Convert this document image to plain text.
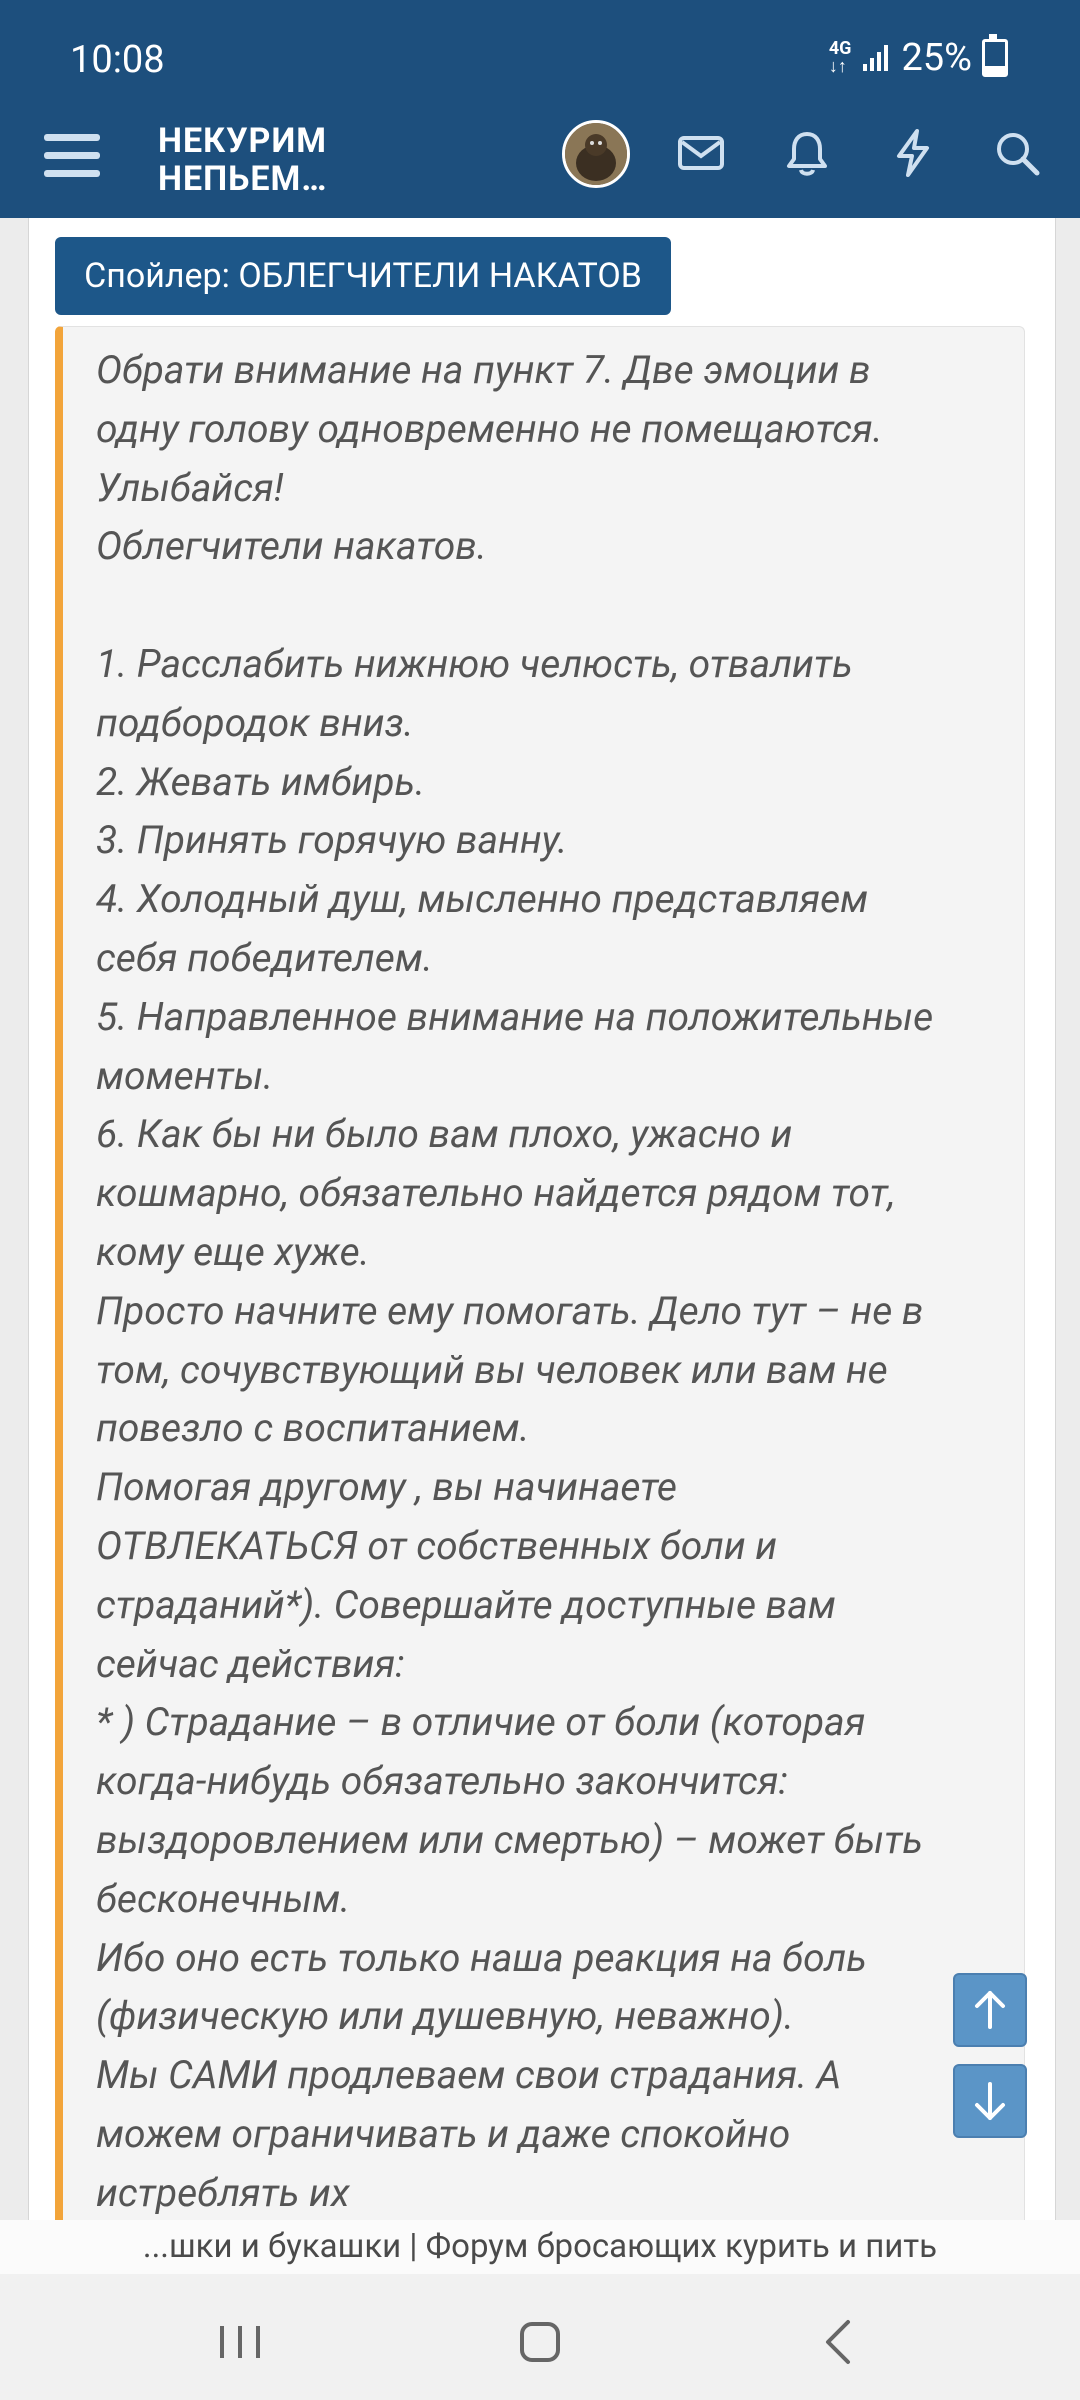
10:08	4G
↓↑ 25%
НЕКУРИМ
НЕПЬЕМ…
Спойлер: ОБЛЕГЧИТЕЛИ НАКАТОВ
Обрати внимание на пункт 7. Две эмоции в
одну голову одновременно не помещаются.
Улыбайся!
Облегчители накатов.

1. Расслабить нижнюю челюсть, отвалить
подбородок вниз.
2. Жевать имбирь.
3. Принять горячую ванну.
4. Холодный душ, мысленно представляем
себя победителем.
5. Направленное внимание на положительные
моменты.
6. Как бы ни было вам плохо, ужасно и
кошмарно, обязательно найдется рядом тот,
кому еще хуже.
Просто начните ему помогать. Дело тут – не в
том, сочувствующий вы человек или вам не
повезло с воспитанием.
Помогая другому , вы начинаете
ОТВЛЕКАТЬСЯ от собственных боли и
страданий*). Совершайте доступные вам
сейчас действия:
* ) Страдание – в отличие от боли (которая
когда-нибудь обязательно закончится:
выздоровлением или смертью) – может быть
бесконечным.
Ибо оно есть только наша реакция на боль
(физическую или душевную, неважно).
Мы САМИ продлеваем свои страдания. А
можем ограничивать и даже спокойно
истреблять их
...шки и букашки | Форум бросающих курить и пить
